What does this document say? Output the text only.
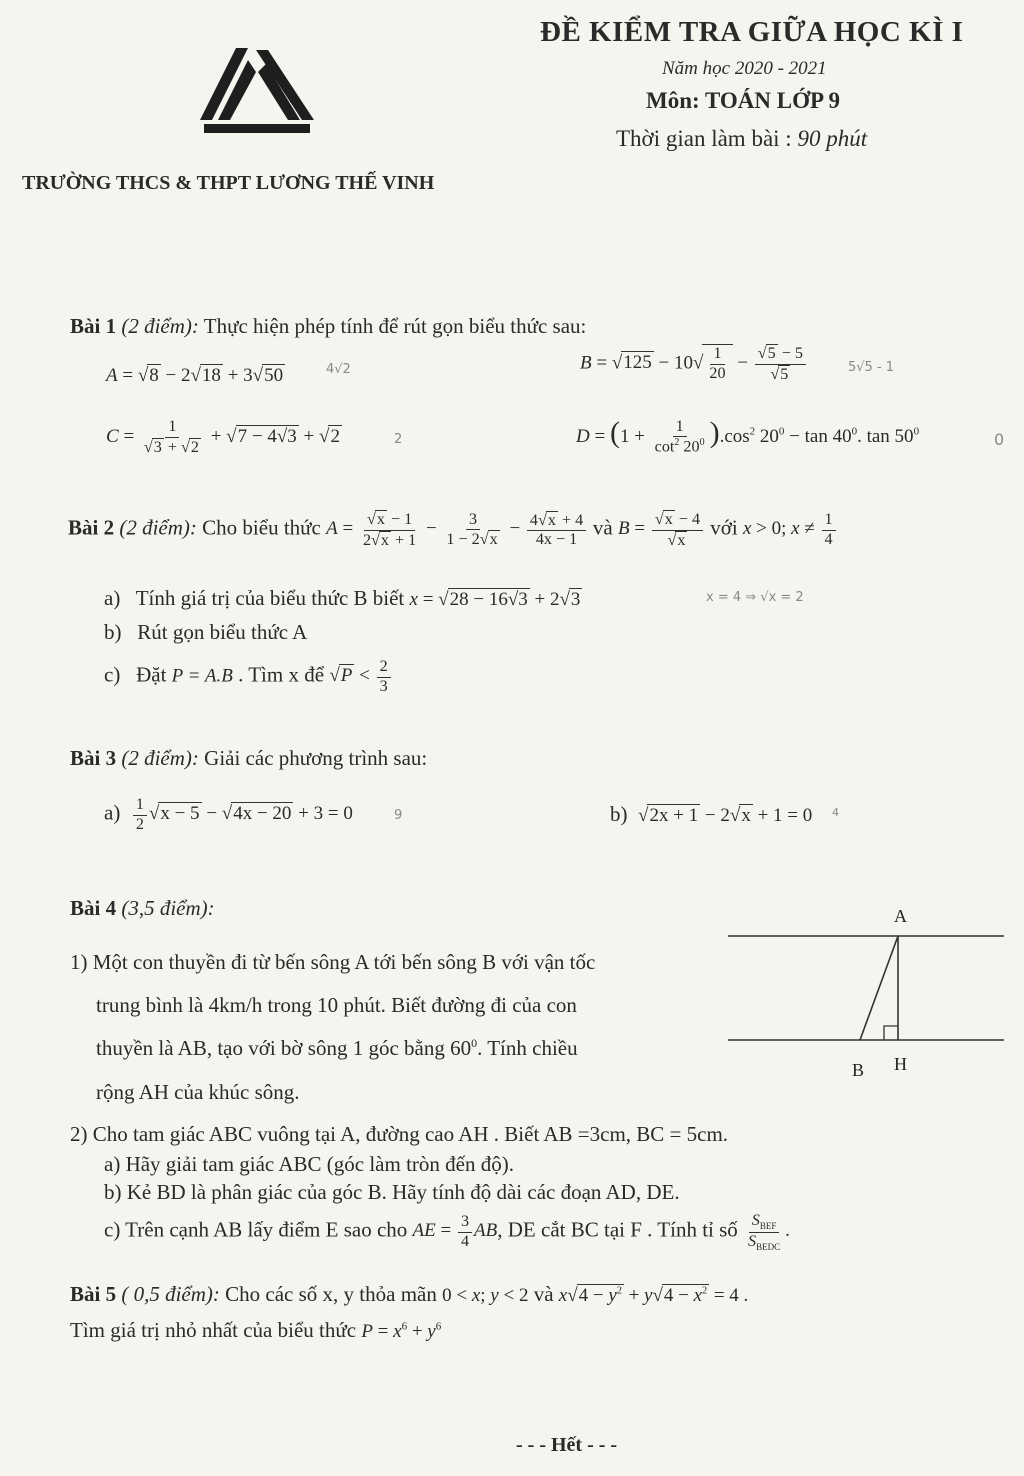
ĐỀ KIỂM TRA GIỮA HỌC KÌ I
Năm học 2020 - 2021
Môn: TOÁN LỚP 9
Thời gian làm bài : 90 phút
TRƯỜNG THCS & THPT LƯƠNG THẾ VINH
Bài 1 (2 điểm): Thực hiện phép tính để rút gọn biểu thức sau:
A = √8 − 2√18 + 3√50	4√2	$B = √125 - 10√ \frac{1}{20} - \frac{√5 - 5}{√5}$	5√5 - 1
$C = \frac{1}{√3 + √2} + √7 - 4√3 + √2$	2	$D = (1 + \frac{1}{\cot^2 20^0} ).\cos^2$ $20^0 - \tan 40^0$. $\tan 50^0$	0
Bài 2 (2 điểm): Cho biểu thức $A = \frac{√x - 1}{2√x + 1} - \frac{3}{1 - 2√x} - \frac{4√x + 4}{4x - 1}$ và $B = \frac{√x - 4}{√x}$ với x > 0; $x \ne \frac{1}{4}$
a) Tính giá trị của biểu thức B biết x = √28 − 16√3 + 2√3	x = 4 ⇒ √x = 2
b) Rút gọn biểu thức A
c) Đặt P = A.B . Tìm x để $√P < \frac{2}{3}$
Bài 3 (2 điểm): Giải các phương trình sau:
$a) \frac{1}{2} √x - 5 - √4x - 20 + 3 = 0$	9	b) √2x + 1 − 2√x + 1 = 0 4
Bài 4 (3,5 điểm):
1) Một con thuyền đi từ bến sông A tới bến sông B với vận tốc
trung bình là 4km/h trong 10 phút. Biết đường đi của con
thuyền là AB, tạo với bờ sông 1 góc bằng $60^0$. Tính chiều
rộng AH của khúc sông.
A
B H
2) Cho tam giác ABC vuông tại A, đường cao AH . Biết AB =3cm, BC = 5cm.
a) Hãy giải tam giác ABC (góc làm tròn đến độ).
b) Kẻ BD là phân giác của góc B. Hãy tính độ dài các đoạn AD, DE.
c) Trên cạnh AB lấy điểm E sao cho AE = $\frac{3}{4}$ AB, DE cắt BC tại F . Tính tỉ số $\frac{S_{BEF}}{S_{BEDC}}$ .
Bài 5 ( 0,5 điểm): Cho các số x, y thỏa mãn 0 < x; y < 2 và $x√4 - y^2 + y√4 - x^2 = 4$ .
Tìm giá trị nhỏ nhất của biểu thức $P = x^6 + y^6$
- - - Hết - - -
